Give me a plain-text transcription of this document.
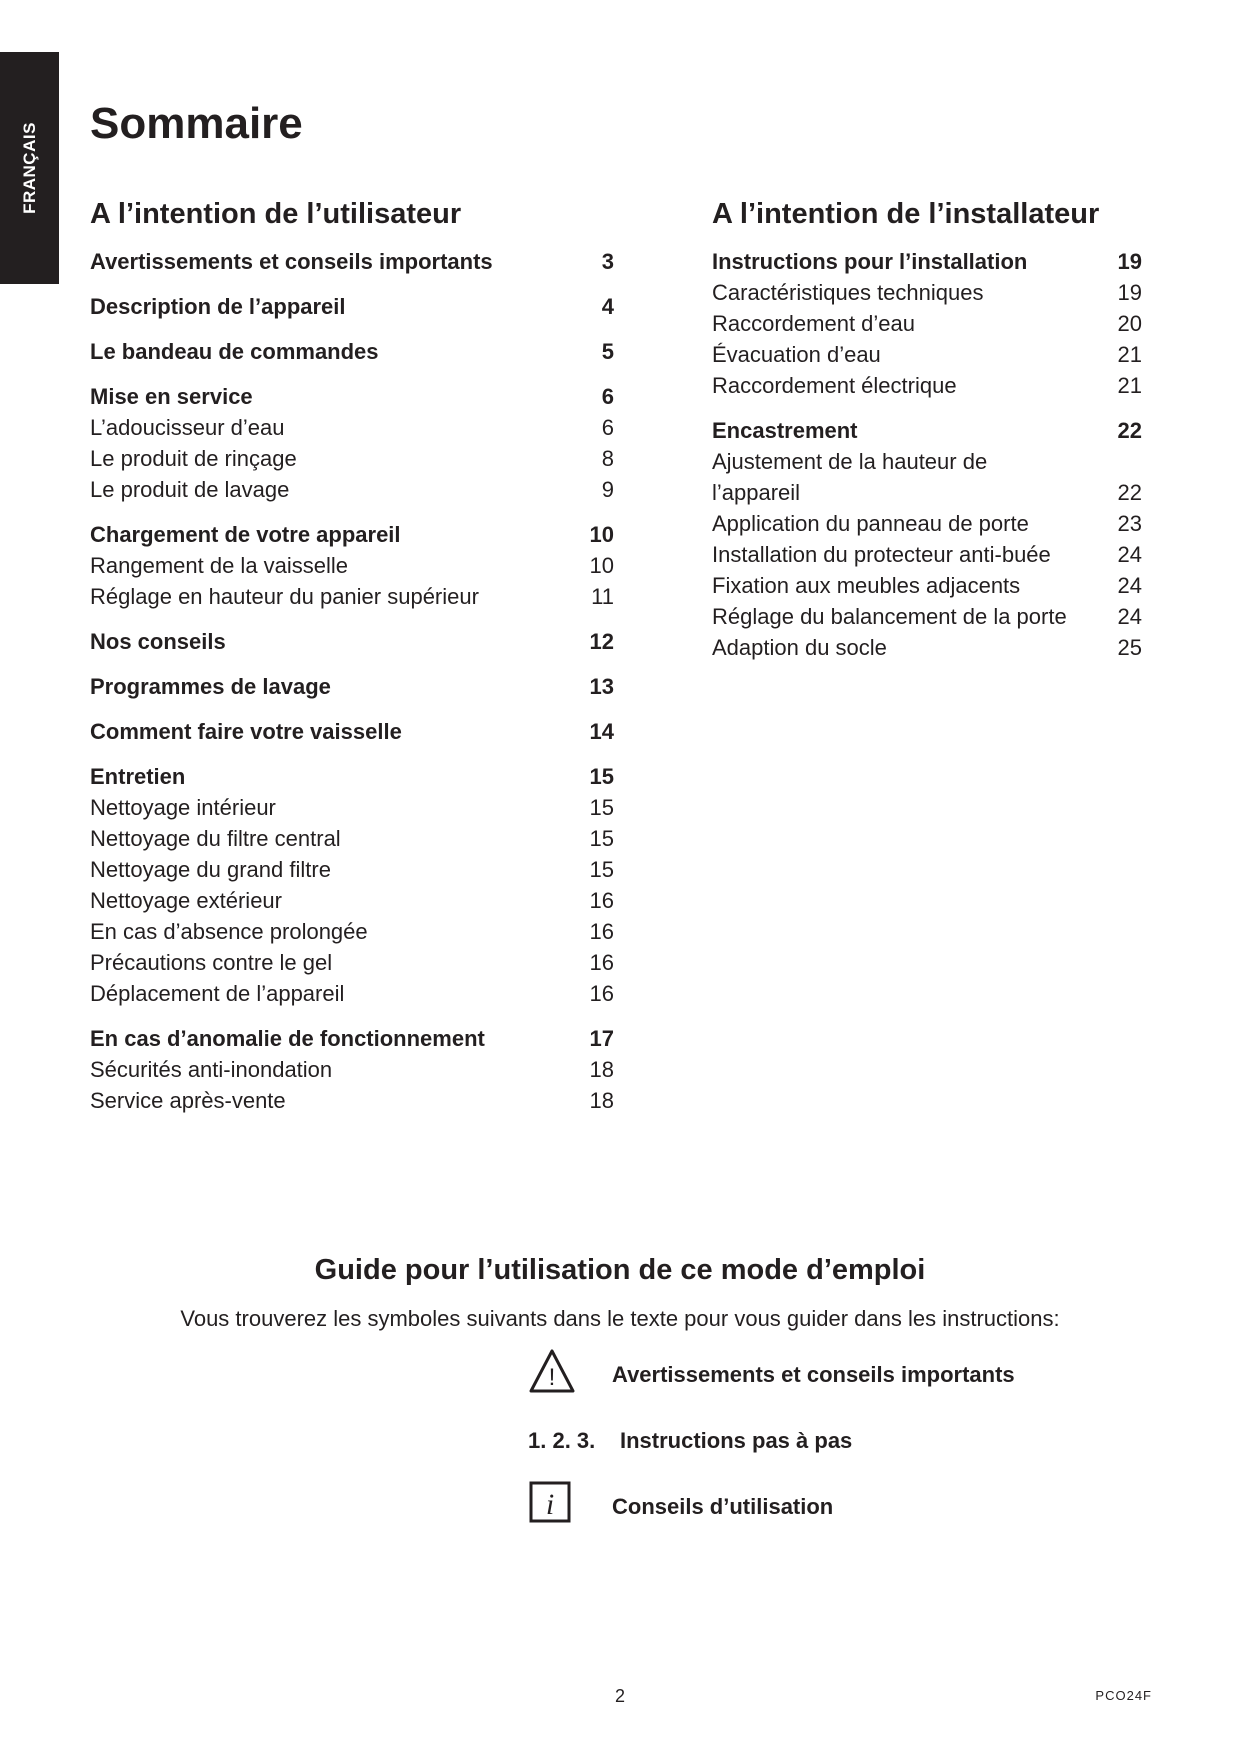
FRANÇAIS Sommaire
A l’intention de l’utilisateur
Avertissements et conseils importants	3
Description de l’appareil	4
Le bandeau de commandes	5
Mise en service	6
L’adoucisseur d’eau	6
Le produit de rinçage	8
Le produit de lavage	9
Chargement de votre appareil	10
Rangement de la vaisselle	10
Réglage en hauteur du panier supérieur	11
Nos conseils	12
Programmes de lavage	13
Comment faire votre vaisselle	14
Entretien	15
Nettoyage intérieur	15
Nettoyage du filtre central	15
Nettoyage du grand filtre	15
Nettoyage extérieur	16
En cas d’absence prolongée	16
Précautions contre le gel	16
Déplacement de l’appareil	16
En cas d’anomalie de fonctionnement	17
Sécurités anti-inondation	18
Service après-vente	18
A l’intention de l’installateur
Instructions pour l’installation	19
Caractéristiques techniques	19
Raccordement d’eau	20
Évacuation d’eau	21
Raccordement électrique	21
Encastrement	22
Ajustement de la hauteur de l’appareil	22
Application du panneau de porte	23
Installation du protecteur anti-buée	24
Fixation aux meubles adjacents	24
Réglage du balancement de la porte	24
Adaption du socle	25
Guide pour l’utilisation de ce mode d’emploi
Vous trouverez les symboles suivants dans le texte pour vous guider dans les instructions:
!	Avertissements et conseils importants
1. 2. 3. Instructions pas à pas
i	Conseils d’utilisation
2	PCO24F
